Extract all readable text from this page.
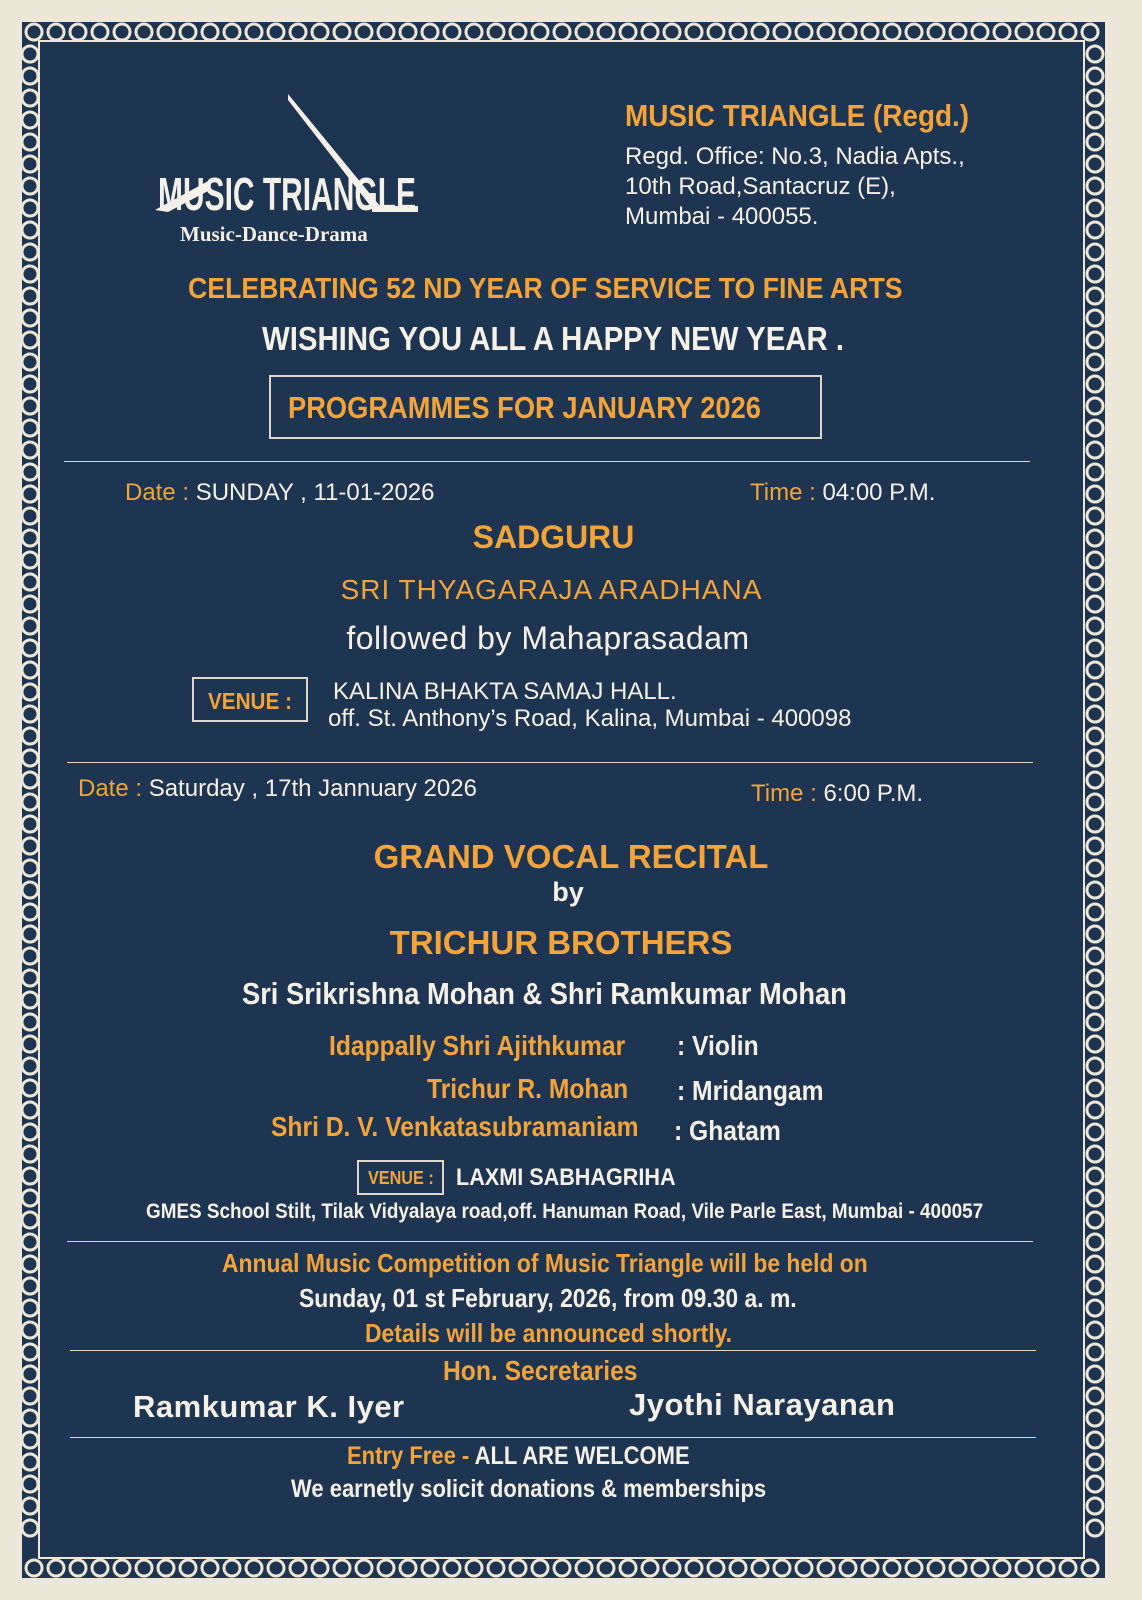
MUSIC TRIANGLE
Music-Dance-Drama
MUSIC TRIANGLE (Regd.)
Regd. Office: No.3, Nadia Apts.,
10th Road,Santacruz (E),
Mumbai - 400055.
CELEBRATING 52 ND YEAR OF SERVICE TO FINE ARTS
WISHING YOU ALL A HAPPY NEW YEAR .
PROGRAMMES FOR JANUARY 2026
Date : SUNDAY , 11-01-2026	Time : 04:00 P.M.
SADGURU
SRI THYAGARAJA ARADHANA
followed by Mahaprasadam
VENUE : KALINA BHAKTA SAMAJ HALL.
off. St. Anthony’s Road, Kalina, Mumbai - 400098
Date : Saturday , 17th Jannuary 2026	Time : 6:00 P.M.
GRAND VOCAL RECITAL
by
TRICHUR BROTHERS
Sri Srikrishna Mohan & Shri Ramkumar Mohan
Idappally Shri Ajithkumar : Violin
Trichur R. Mohan : Mridangam
Shri D. V. Venkatasubramaniam : Ghatam
VENUE : LAXMI SABHAGRIHA
GMES School Stilt, Tilak Vidyalaya road,off. Hanuman Road, Vile Parle East, Mumbai - 400057
Annual Music Competition of Music Triangle will be held on
Sunday, 01 st February, 2026, from 09.30 a. m.
Details will be announced shortly.
Hon. Secretaries
Ramkumar K. Iyer	Jyothi Narayanan
Entry Free - ALL ARE WELCOME
We earnetly solicit donations & memberships
